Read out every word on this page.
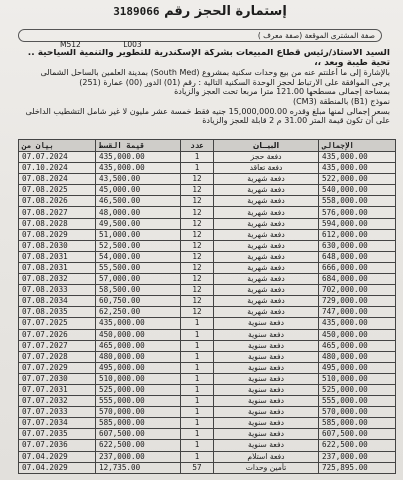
إستمارة الحجز رقم 3189066
صفة المشترى الموقعة (صفة معرف )
M512	L003
السيد الأستاذ/رئيس قطاع المبيعات بشركة الإسكندرية للتطوير والتنمية السياحية ..
تحية طيبة وبعد ،،
بالإشارة إلى ما أعلنتم عنه من بيع وحدات سكنية بمشروع (South Med) بمدينة العلمين بالساحل الشمالى
يرجى الموافقة على الارتباط لحجز الوحدة السكنية التالية : رقم (01) الدور (00) عمارة (251)
بمساحة إجمالى مسطحها 121.00 مترا مربعا تحت العجز والزيادة
نموذج (B1) بالمنطقة (CM3)
بسعر إجمالى لمنها مبلغ وقدره 15,000,000.00 جنيه فقط خمسة عشر مليون لا غير شامل التشطيب الداخلى
على أن تكون قيمة المتر 31.00 م 2 قابلة للعجز والزيادة
بيان من	قيمة القسط	عدد	البيــان	الإجمالى
07.07.2024	435,000.00	1	دفعة حجز	435,000.00
07.10.2024	435,000.00	1	دفعة تعاقد	435,000.00
07.08.2024	43,500.00	12	دفعة شهرية	522,000.00
07.08.2025	45,000.00	12	دفعة شهرية	540,000.00
07.08.2026	46,500.00	12	دفعة شهرية	558,000.00
07.08.2027	48,000.00	12	دفعة شهرية	576,000.00
07.08.2028	49,500.00	12	دفعة شهرية	594,000.00
07.08.2029	51,000.00	12	دفعة شهرية	612,000.00
07.08.2030	52,500.00	12	دفعة شهرية	630,000.00
07.08.2031	54,000.00	12	دفعة شهرية	648,000.00
07.08.2031	55,500.00	12	دفعة شهرية	666,000.00
07.08.2032	57,000.00	12	دفعة شهرية	684,000.00
07.08.2033	58,500.00	12	دفعة شهرية	702,000.00
07.08.2034	60,750.00	12	دفعة شهرية	729,000.00
07.08.2035	62,250.00	12	دفعة شهرية	747,000.00
07.07.2025	435,000.00	1	دفعة سنوية	435,000.00
07.07.2026	450,000.00	1	دفعة سنوية	450,000.00
07.07.2027	465,000.00	1	دفعة سنوية	465,000.00
07.07.2028	480,000.00	1	دفعة سنوية	480,000.00
07.07.2029	495,000.00	1	دفعة سنوية	495,000.00
07.07.2030	510,000.00	1	دفعة سنوية	510,000.00
07.07.2031	525,000.00	1	دفعة سنوية	525,000.00
07.07.2032	555,000.00	1	دفعة سنوية	555,000.00
07.07.2033	570,000.00	1	دفعة سنوية	570,000.00
07.07.2034	585,000.00	1	دفعة سنوية	585,000.00
07.07.2035	607,500.00	1	دفعة سنوية	607,500.00
07.07.2036	622,500.00	1	دفعة سنوية	622,500.00
07.04.2029	237,000.00	1	دفعة استلام	237,000.00
07.04.2029	12,735.00	57	تأمين وحدات	725,895.00
